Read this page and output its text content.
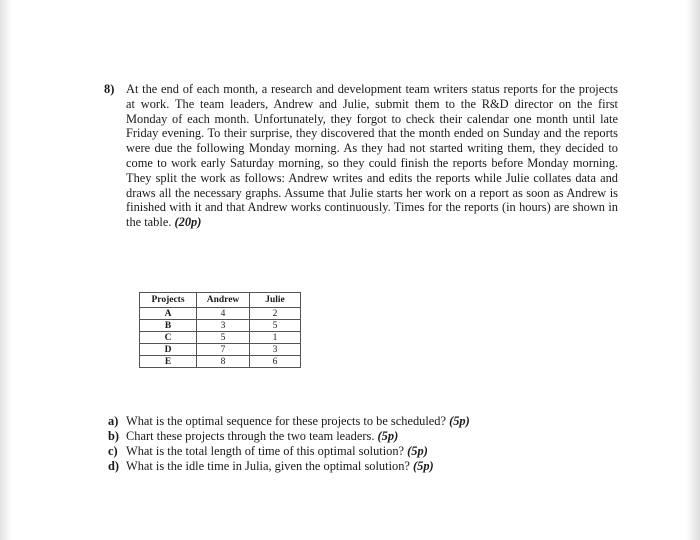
8) At the end of each month, a research and development team writers status reports for the projects at work. The team leaders, Andrew and Julie, submit them to the R&D director on the first Monday of each month. Unfortunately, they forgot to check their calendar one month until late Friday evening. To their surprise, they discovered that the month ended on Sunday and the reports were due the following Monday morning. As they had not started writing them, they decided to come to work early Saturday morning, so they could finish the reports before Monday morning. They split the work as follows: Andrew writes and edits the reports while Julie collates data and draws all the necessary graphs. Assume that Julie starts her work on a report as soon as Andrew is finished with it and that Andrew works continuously. Times for the reports (in hours) are shown in the table. (20p)
Projects	Andrew	Julie
A	4	2
B	3	5
C	5	1
D	7	3
E	8	6
a) What is the optimal sequence for these projects to be scheduled? (5p)
b) Chart these projects through the two team leaders. (5p)
c) What is the total length of time of this optimal solution? (5p)
d) What is the idle time in Julia, given the optimal solution? (5p)
